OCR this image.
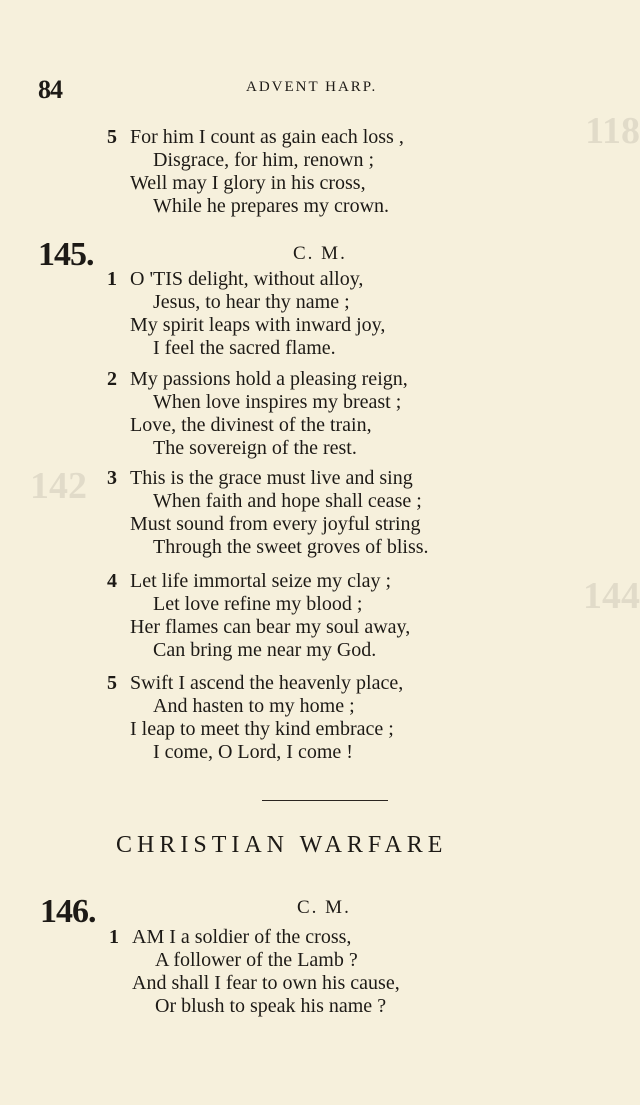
118
144
142
84	ADVENT HARP.
5 For him I count as gain each loss ,
Disgrace, for him, renown ;
Well may I glory in his cross,
While he prepares my crown.
145.	C. M.
1 O 'TIS delight, without alloy,
Jesus, to hear thy name ;
My spirit leaps with inward joy,
I feel the sacred flame.
2 My passions hold a pleasing reign,
When love inspires my breast ;
Love, the divinest of the train,
The sovereign of the rest.
3 This is the grace must live and sing
When faith and hope shall cease ;
Must sound from every joyful string
Through the sweet groves of bliss.
4 Let life immortal seize my clay ;
Let love refine my blood ;
Her flames can bear my soul away,
Can bring me near my God.
5 Swift I ascend the heavenly place,
And hasten to my home ;
I leap to meet thy kind embrace ;
I come, O Lord, I come !
CHRISTIAN WARFARE
146.	C. M.
1 AM I a soldier of the cross,
A follower of the Lamb ?
And shall I fear to own his cause,
Or blush to speak his name ?
